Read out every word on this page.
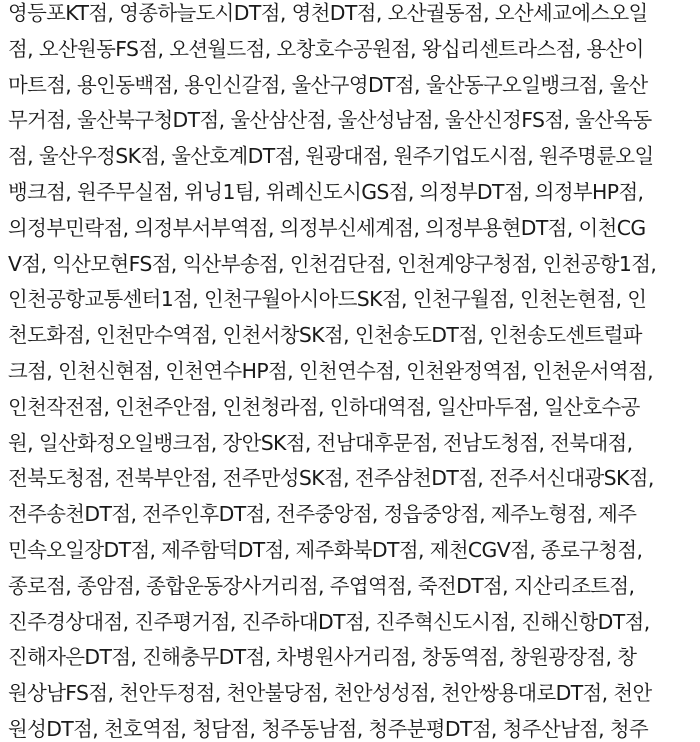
영등포KT점, 영종하늘도시DT점, 영천DT점, 오산궐동점, 오산세교에스오일
점, 오산원동FS점, 오션월드점, 오창호수공원점, 왕십리센트라스점, 용산이
마트점, 용인동백점, 용인신갈점, 울산구영DT점, 울산동구오일뱅크점, 울산
무거점, 울산북구청DT점, 울산삼산점, 울산성남점, 울산신정FS점, 울산옥동
점, 울산우정SK점, 울산호계DT점, 원광대점, 원주기업도시점, 원주명륜오일
뱅크점, 원주무실점, 위닝1팀, 위례신도시GS점, 의정부DT점, 의정부HP점,
의정부민락점, 의정부서부역점, 의정부신세계점, 의정부용현DT점, 이천CG
V점, 익산모현FS점, 익산부송점, 인천검단점, 인천계양구청점, 인천공항1점,
인천공항교통센터1점, 인천구월아시아드SK점, 인천구월점, 인천논현점, 인
천도화점, 인천만수역점, 인천서창SK점, 인천송도DT점, 인천송도센트럴파
크점, 인천신현점, 인천연수HP점, 인천연수점, 인천완정역점, 인천운서역점,
인천작전점, 인천주안점, 인천청라점, 인하대역점, 일산마두점, 일산호수공
원, 일산화정오일뱅크점, 장안SK점, 전남대후문점, 전남도청점, 전북대점,
전북도청점, 전북부안점, 전주만성SK점, 전주삼천DT점, 전주서신대광SK점,
전주송천DT점, 전주인후DT점, 전주중앙점, 정읍중앙점, 제주노형점, 제주
민속오일장DT점, 제주함덕DT점, 제주화북DT점, 제천CGV점, 종로구청점,
종로점, 종암점, 종합운동장사거리점, 주엽역점, 죽전DT점, 지산리조트점,
진주경상대점, 진주평거점, 진주하대DT점, 진주혁신도시점, 진해신항DT점,
진해자은DT점, 진해충무DT점, 차병원사거리점, 창동역점, 창원광장점, 창
원상남FS점, 천안두정점, 천안불당점, 천안성성점, 천안쌍용대로DT점, 천안
원성DT점, 천호역점, 청담점, 청주동남점, 청주분평DT점, 청주산남점, 청주
